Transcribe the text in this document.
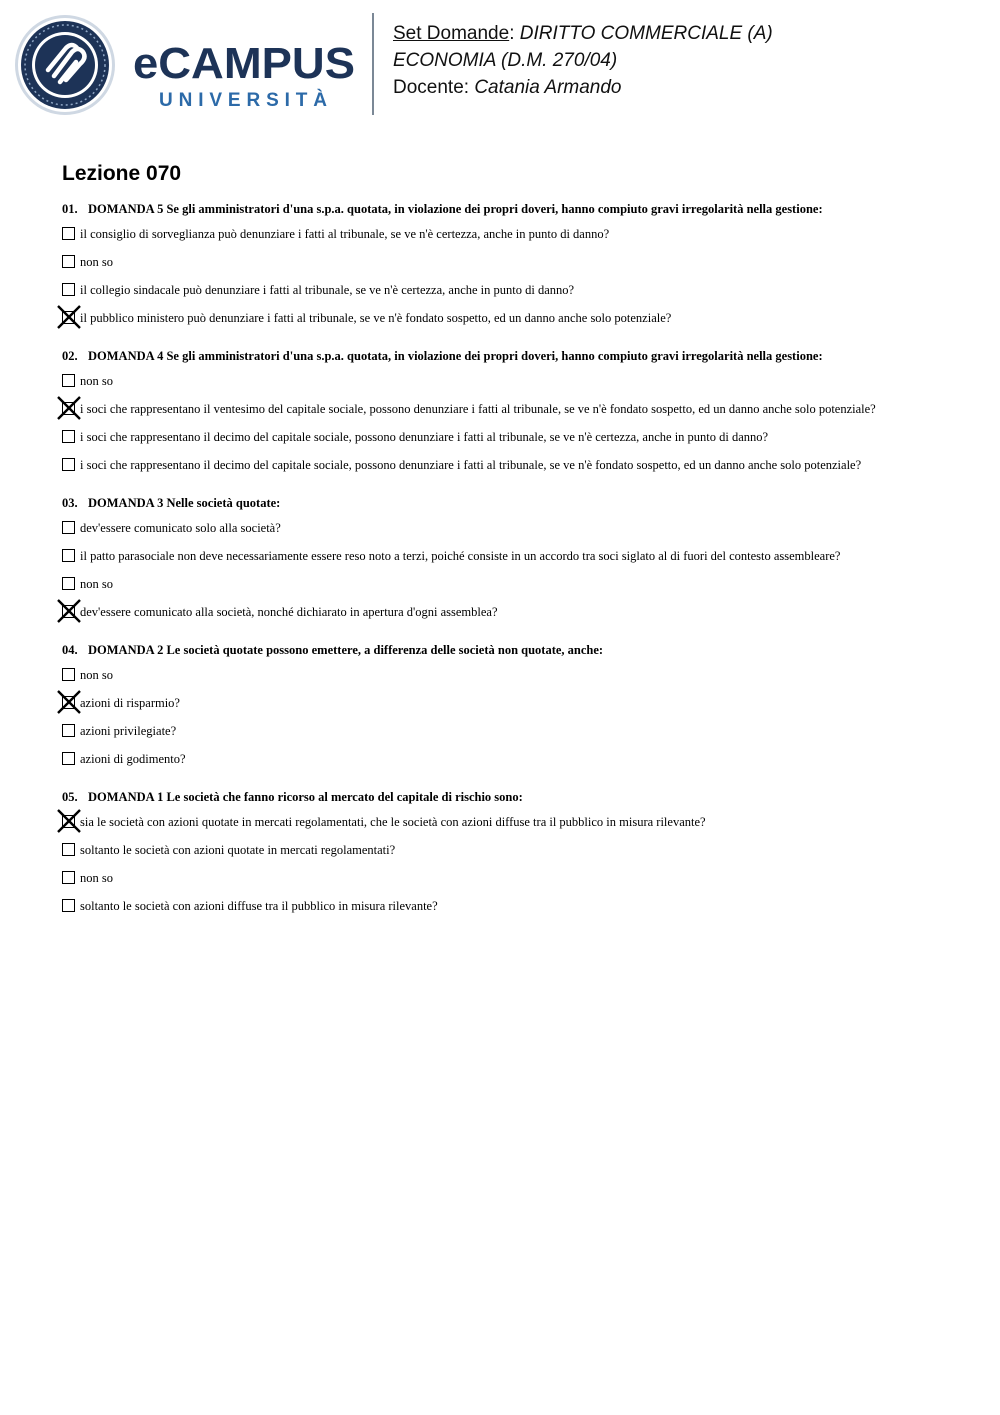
eCAMPUS
UNIVERSITÀ
Set Domande: DIRITTO COMMERCIALE (A)
ECONOMIA (D.M. 270/04)
Docente: Catania Armando
Lezione 070
01. DOMANDA 5 Se gli amministratori d'una s.p.a. quotata, in violazione dei propri doveri, hanno compiuto gravi irregolarità nella gestione:
il consiglio di sorveglianza può denunziare i fatti al tribunale, se ve n'è certezza, anche in punto di danno?
non so
il collegio sindacale può denunziare i fatti al tribunale, se ve n'è certezza, anche in punto di danno?
il pubblico ministero può denunziare i fatti al tribunale, se ve n'è fondato sospetto, ed un danno anche solo potenziale?
02. DOMANDA 4 Se gli amministratori d'una s.p.a. quotata, in violazione dei propri doveri, hanno compiuto gravi irregolarità nella gestione:
non so
i soci che rappresentano il ventesimo del capitale sociale, possono denunziare i fatti al tribunale, se ve n'è fondato sospetto, ed un danno anche solo potenziale?
i soci che rappresentano il decimo del capitale sociale, possono denunziare i fatti al tribunale, se ve n'è certezza, anche in punto di danno?
i soci che rappresentano il decimo del capitale sociale, possono denunziare i fatti al tribunale, se ve n'è fondato sospetto, ed un danno anche solo potenziale?
03. DOMANDA 3 Nelle società quotate:
dev'essere comunicato solo alla società?
il patto parasociale non deve necessariamente essere reso noto a terzi, poiché consiste in un accordo tra soci siglato al di fuori del contesto assembleare?
non so
dev'essere comunicato alla società, nonché dichiarato in apertura d'ogni assemblea?
04. DOMANDA 2 Le società quotate possono emettere, a differenza delle società non quotate, anche:
non so
azioni di risparmio?
azioni privilegiate?
azioni di godimento?
05. DOMANDA 1 Le società che fanno ricorso al mercato del capitale di rischio sono:
sia le società con azioni quotate in mercati regolamentati, che le società con azioni diffuse tra il pubblico in misura rilevante?
soltanto le società con azioni quotate in mercati regolamentati?
non so
soltanto le società con azioni diffuse tra il pubblico in misura rilevante?
